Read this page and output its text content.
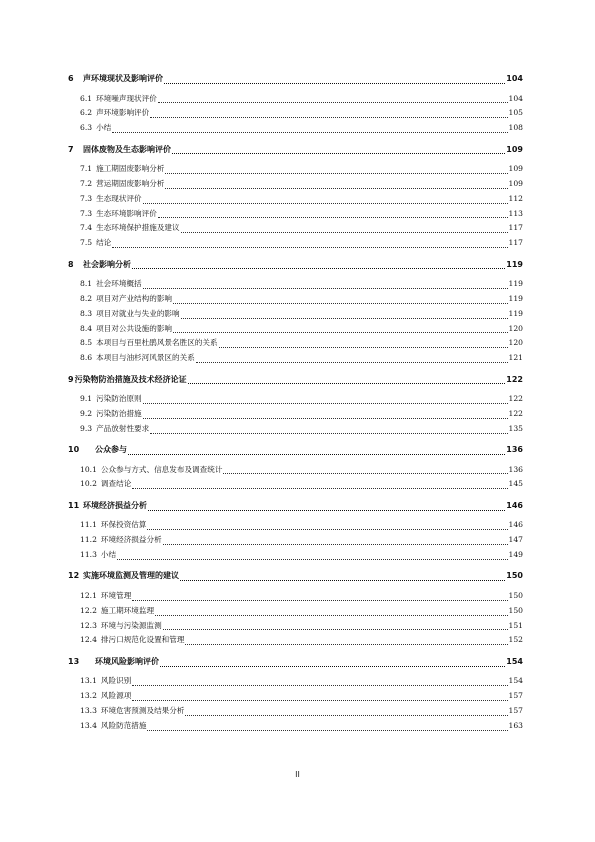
6 声环境现状及影响评价	104
6.1 环境噪声现状评价	104
6.2 声环境影响评价	105
6.3 小结	108
7 固体废物及生态影响评价	109
7.1 施工期固废影响分析	109
7.2 营运期固废影响分析	109
7.3 生态现状评价	112
7.3 生态环境影响评价	113
7.4 生态环境保护措施及建议	117
7.5 结论	117
8 社会影响分析	119
8.1 社会环境概括	119
8.2 项目对产业结构的影响	119
8.3 项目对就业与失业的影响	119
8.4 项目对公共设施的影响	120
8.5 本项目与百里杜鹃风景名胜区的关系	120
8.6 本项目与油杉河风景区的关系	121
9污染物防治措施及技术经济论证	122
9.1 污染防治原则	122
9.2 污染防治措施	122
9.3 产品放射性要求	135
10 公众参与	136
10.1 公众参与方式、信息发布及调查统计	136
10.2 调查结论	145
11 环境经济损益分析	146
11.1 环保投资估算	146
11.2 环境经济损益分析	147
11.3 小结	149
12 实施环境监测及管理的建议	150
12.1 环境管理	150
12.2 施工期环境监理	150
12.3 环境与污染源监测	151
12.4 排污口规范化设置和管理	152
13 环境风险影响评价	154
13.1 风险识别	154
13.2 风险源项	157
13.3 环境危害预测及结果分析	157
13.4 风险防范措施	163
II
